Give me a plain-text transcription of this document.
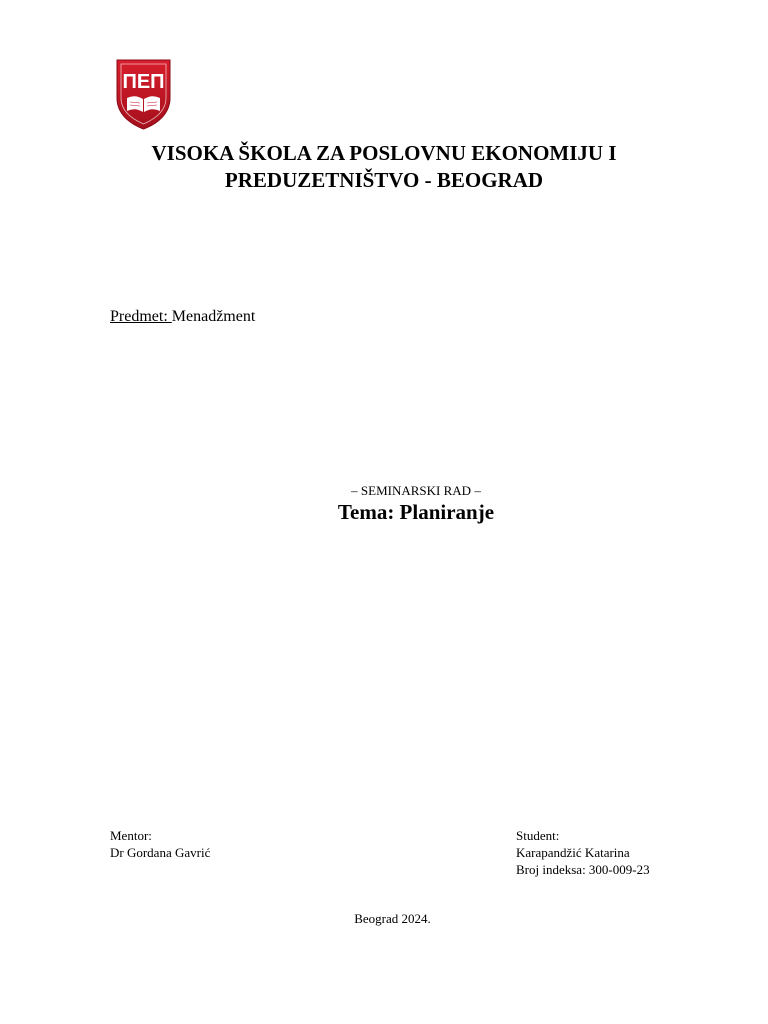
ПЕП
VISOKA ŠKOLA ZA POSLOVNU EKONOMIJU I
PREDUZETNIŠTVO - BEOGRAD
Predmet: Menadžment
– SEMINARSKI RAD –
Tema: Planiranje
Mentor:
Dr Gordana Gavrić
Student:
Karapandžić Katarina
Broj indeksa: 300-009-23
Beograd 2024.
